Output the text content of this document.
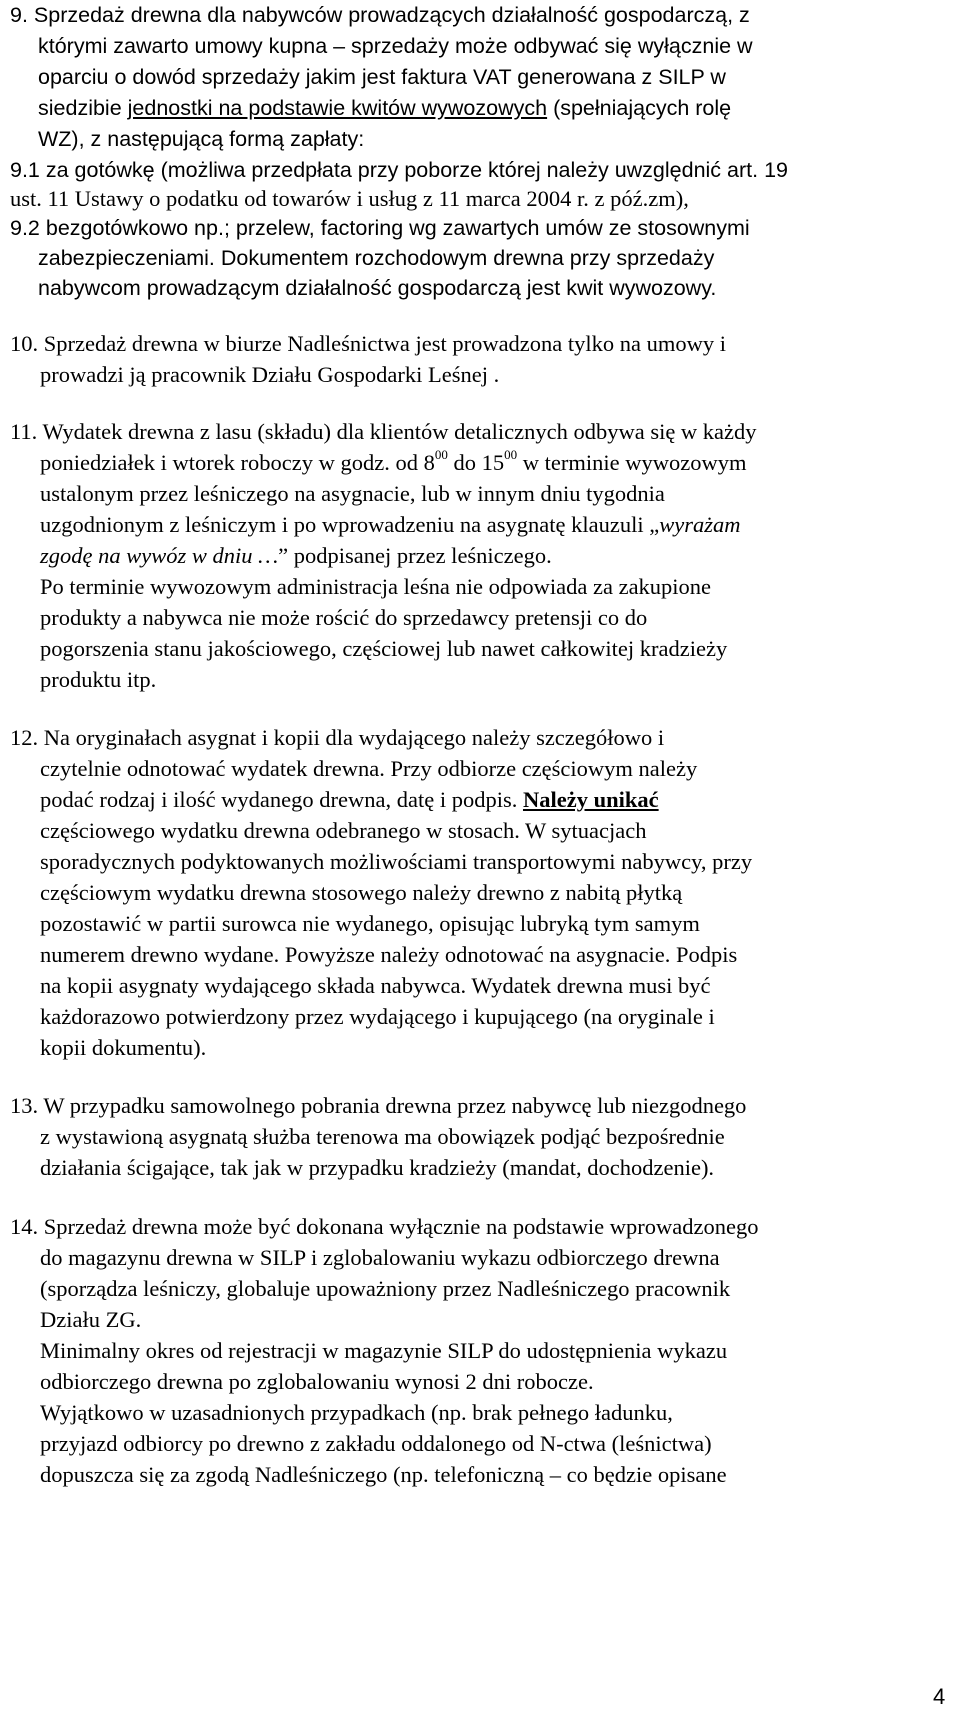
9. Sprzedaż drewna dla nabywców prowadzących działalność gospodarczą, z
którymi zawarto umowy kupna – sprzedaży może odbywać się wyłącznie w
oparciu o dowód sprzedaży jakim jest faktura VAT generowana z SILP w
siedzibie jednostki na podstawie kwitów wywozowych (spełniających rolę
WZ), z następującą formą zapłaty:
9.1 za gotówkę (możliwa przedpłata przy poborze której należy uwzględnić art. 19
ust. 11 Ustawy o podatku od towarów i usług z 11 marca 2004 r. z póź.zm),
9.2 bezgotówkowo np.; przelew, factoring wg zawartych umów ze stosownymi
zabezpieczeniami. Dokumentem rozchodowym drewna przy sprzedaży
nabywcom prowadzącym działalność gospodarczą jest kwit wywozowy.
10. Sprzedaż drewna w biurze Nadleśnictwa jest prowadzona tylko na umowy i
prowadzi ją pracownik Działu Gospodarki Leśnej .
11. Wydatek drewna z lasu (składu) dla klientów detalicznych odbywa się w każdy
poniedziałek i wtorek roboczy w godz. od $8^{00}$ do $15^{00}$ w terminie wywozowym
ustalonym przez leśniczego na asygnacie, lub w innym dniu tygodnia
uzgodnionym z leśniczym i po wprowadzeniu na asygnatę klauzuli „wyrażam
zgodę na wywóz w dniu …” podpisanej przez leśniczego.
Po terminie wywozowym administracja leśna nie odpowiada za zakupione
produkty a nabywca nie może rościć do sprzedawcy pretensji co do
pogorszenia stanu jakościowego, częściowej lub nawet całkowitej kradzieży
produktu itp.
12. Na oryginałach asygnat i kopii dla wydającego należy szczegółowo i
czytelnie odnotować wydatek drewna. Przy odbiorze częściowym należy
podać rodzaj i ilość wydanego drewna, datę i podpis. Należy unikać
częściowego wydatku drewna odebranego w stosach. W sytuacjach
sporadycznych podyktowanych możliwościami transportowymi nabywcy, przy
częściowym wydatku drewna stosowego należy drewno z nabitą płytką
pozostawić w partii surowca nie wydanego, opisując lubryką tym samym
numerem drewno wydane. Powyższe należy odnotować na asygnacie. Podpis
na kopii asygnaty wydającego składa nabywca. Wydatek drewna musi być
każdorazowo potwierdzony przez wydającego i kupującego (na oryginale i
kopii dokumentu).
13. W przypadku samowolnego pobrania drewna przez nabywcę lub niezgodnego
z wystawioną asygnatą służba terenowa ma obowiązek podjąć bezpośrednie
działania ścigające, tak jak w przypadku kradzieży (mandat, dochodzenie).
14. Sprzedaż drewna może być dokonana wyłącznie na podstawie wprowadzonego
do magazynu drewna w SILP i zglobalowaniu wykazu odbiorczego drewna
(sporządza leśniczy, globaluje upoważniony przez Nadleśniczego pracownik
Działu ZG.
Minimalny okres od rejestracji w magazynie SILP do udostępnienia wykazu
odbiorczego drewna po zglobalowaniu wynosi 2 dni robocze.
Wyjątkowo w uzasadnionych przypadkach (np. brak pełnego ładunku,
przyjazd odbiorcy po drewno z zakładu oddalonego od N-ctwa (leśnictwa)
dopuszcza się za zgodą Nadleśniczego (np. telefoniczną – co będzie opisane
4
